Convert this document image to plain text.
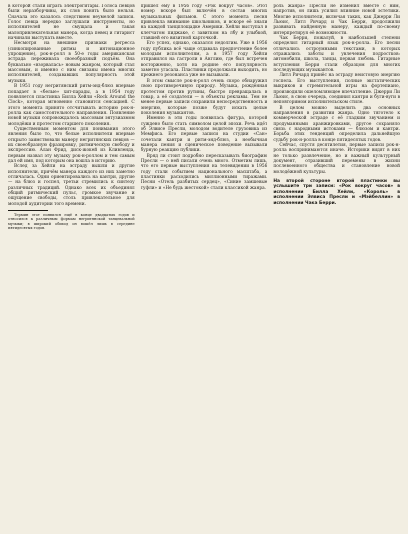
в которой стали играть электрогитары. Голоса певцов были неразборчивы, их слов понять было нельзя. Сначала это казалось следствием неумелой записи. Голос певца нередко заглушали инструменты, но исполнителей не смущала и такая малопривлекательная манера, когда певец и гитарист начинали выступать вместе.

Несмотря на внешние признаки регресса (синкопированные ритмы и интонационное упрощение), рок-н-ролл в 50-е годы американская эстрада переживала своеобразный подъём. Она буквально «взорвалась» новым жанром, который стал массовым, и именно с ним связаны имена многих исполнителей, создававших популярность этой музыки.

В 1951 году негритянский ритм-энд-блюз впервые попадает в «белые» хит-парады, а в 1954 году появляется пластинка Билла Хейли «Rock Around the Clock», которая мгновенно становится сенсацией. С этого момента принято отсчитывать историю рок-н-ролла как самостоятельного направления. Появление новой музыки сопровождалось массовым энтузиазмом молодёжи и протестом старшего поколения.

Существенным моментом для понимания этого явления было то, что белые исполнители впервые открыто заимствовали манеру негритянских певцов — их своеобразную фразировку, ритмическую свободу и экспрессию. Алан Фрид, диск-жокей из Кливленда, первым назвал эту музыку рок-н-роллом и тем самым дал ей имя, под которым она вошла в историю.

Вслед за Хейли на эстраду вышли и другие исполнители, причём манера каждого из них заметно отличалась. Одни ориентировались на кантри, другие — на блюз и госпел, третьи стремились к синтезу различных традиций. Однако всех их объединял общий ритмический пульс, громкое звучание и ощущение свободы, столь привлекательное для молодой аудитории того времени.

Термин этот появился ещё в конце двадцатых годов и относился к различным формам негритянской танцевальной музыки; в широкий обиход он вошёл лишь в середине пятидесятых годов.

пришёл ему в 1956 году «Рок вокруг часов». Этот номер вскоре был включён в состав многих музыкальных фильмов. С этого момента песня привлекла внимание школьников, и вскоре её знали на каждой танцплощадке Америки. Хейли выступал в клетчатом пиджаке, с завитком на лбу и улыбкой, ставшей его визитной карточкой.

Его успех, однако, оказался недолгим. Уже в 1956 году публика всё чаще отдавала предпочтение более молодым исполнителям, а в 1957 году Хейли отправился на гастроли в Англию, где был встречен восторженно, хотя на родине его популярность заметно угасала. Пластинки продолжали выходить, но прежнего резонанса уже не вызывали.

В этом смысле рок-н-ролл очень скоро обнаружил свою противоречивую природу. Музыка, рождённая протестом против рутины, быстро превращалась в товар, а её создатели — в объекты рекламы. Тем не менее первые записи сохранили непосредственность и энергию, которые позже будут искать целые поколения музыкантов.

Именно в эти годы появилась фигура, которой суждено было стать символом целой эпохи. Речь идёт об Элвисе Пресли, молодом водителе грузовика из Мемфиса. Его первые записи на студии «Сан» сочетали кантри и ритм-энд-блюз, а необычная манера пения и сценическое поведение вызывали бурную реакцию публики.

Вряд ли стоит подробно пересказывать биографию Пресли — о ней писали очень много. Отметим лишь, что его первые выступления на телевидении в 1956 году стали событием национального масштаба, а пластинки расходились миллионными тиражами. Песни «Отель разбитых сердец», «Синие замшевые туфли» и «Не будь жестокой» стали классикой жанра.

роль жанра» Пресли не изменил вместе с ним, напротив, он лишь усилил влияние новой эстетики. Многие исполнители, включая таких, как Джерри Ли Льюис, Литл Ричард и Чак Берри, продолжили развивать найденную манеру, каждый по-своему интерпретируя её возможности.

Чак Берри, пожалуй, в наибольшей степени определил гитарный язык рок-н-ролла. Его песни отличались остроумными текстами, в которых отражались заботы и увлечения подростков: автомобили, школа, танцы, первая любовь. Гитарные вступления Берри стали образцом для многих последующих музыкантов.

Литл Ричард принёс на эстраду неистовую энергию госпела. Его выступления, полные экстатических выкриков и стремительной игры на фортепиано, производили ошеломляющее впечатление. Джерри Ли Льюис, в свою очередь, соединил кантри и буги-вуги в неповторимом исполнительском стиле.

В целом можно выделить два основных направления в развитии жанра. Одно тяготело к коммерческой эстраде с её гладким звучанием и продуманными аранжировками, другое сохраняло связь с народными истоками — блюзом и кантри. Борьба этих тенденций определила дальнейшую судьбу рок-н-ролла в конце пятидесятых годов.

Сейчас, спустя десятилетия, первые записи рок-н-ролла воспринимаются иначе. Историки видят в них не только развлечение, но и важный культурный документ, отразивший перемены в жизни послевоенного общества и становление новой молодёжной культуры.

На второй стороне второй пластинки вы услышите три записи: «Рок вокруг часов» в исполнении Билла Хейли, «Король» в исполнении Элвиса Пресли и «Мэйбеллин» в исполнении Чака Берри.
